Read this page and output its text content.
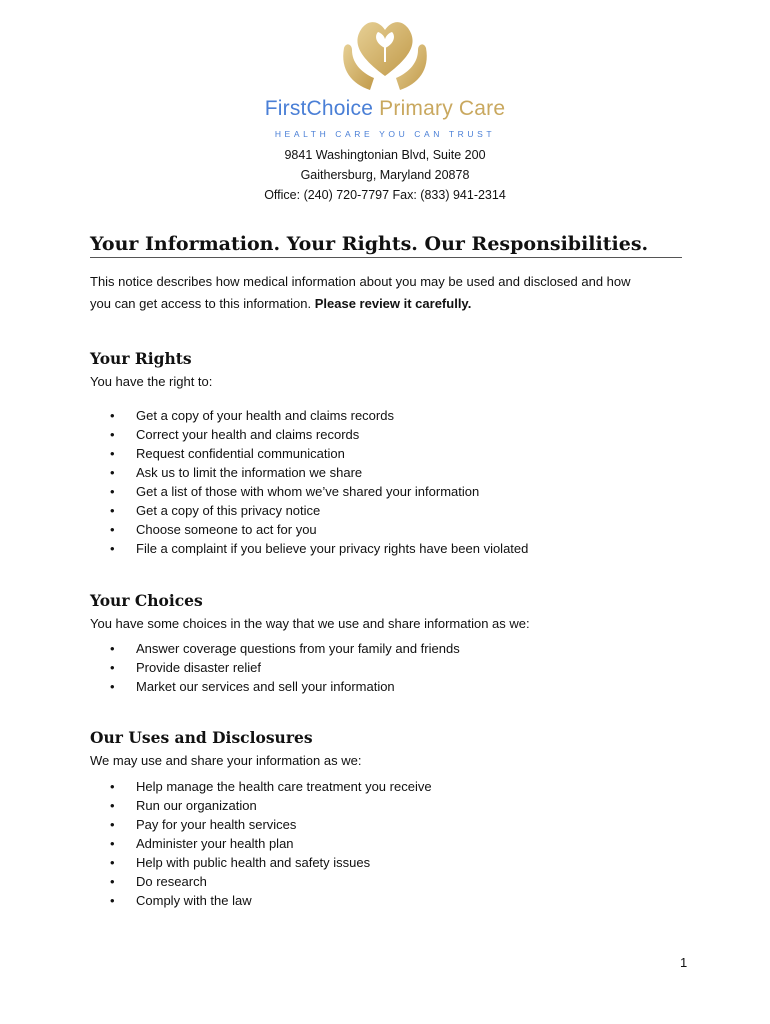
FirstChoice Primary Care
HEALTH CARE YOU CAN TRUST
9841 Washingtonian Blvd, Suite 200
Gaithersburg, Maryland 20878
Office: (240) 720-7797 Fax: (833) 941-2314
Your Information. Your Rights. Our Responsibilities.
This notice describes how medical information about you may be used and disclosed and how
you can get access to this information. Please review it carefully.
Your Rights
You have the right to:
• Get a copy of your health and claims records
• Correct your health and claims records
• Request confidential communication
• Ask us to limit the information we share
• Get a list of those with whom we’ve shared your information
• Get a copy of this privacy notice
• Choose someone to act for you
• File a complaint if you believe your privacy rights have been violated
Your Choices
You have some choices in the way that we use and share information as we:
• Answer coverage questions from your family and friends
• Provide disaster relief
• Market our services and sell your information
Our Uses and Disclosures
We may use and share your information as we:
• Help manage the health care treatment you receive
• Run our organization
• Pay for your health services
• Administer your health plan
• Help with public health and safety issues
• Do research
• Comply with the law
1
